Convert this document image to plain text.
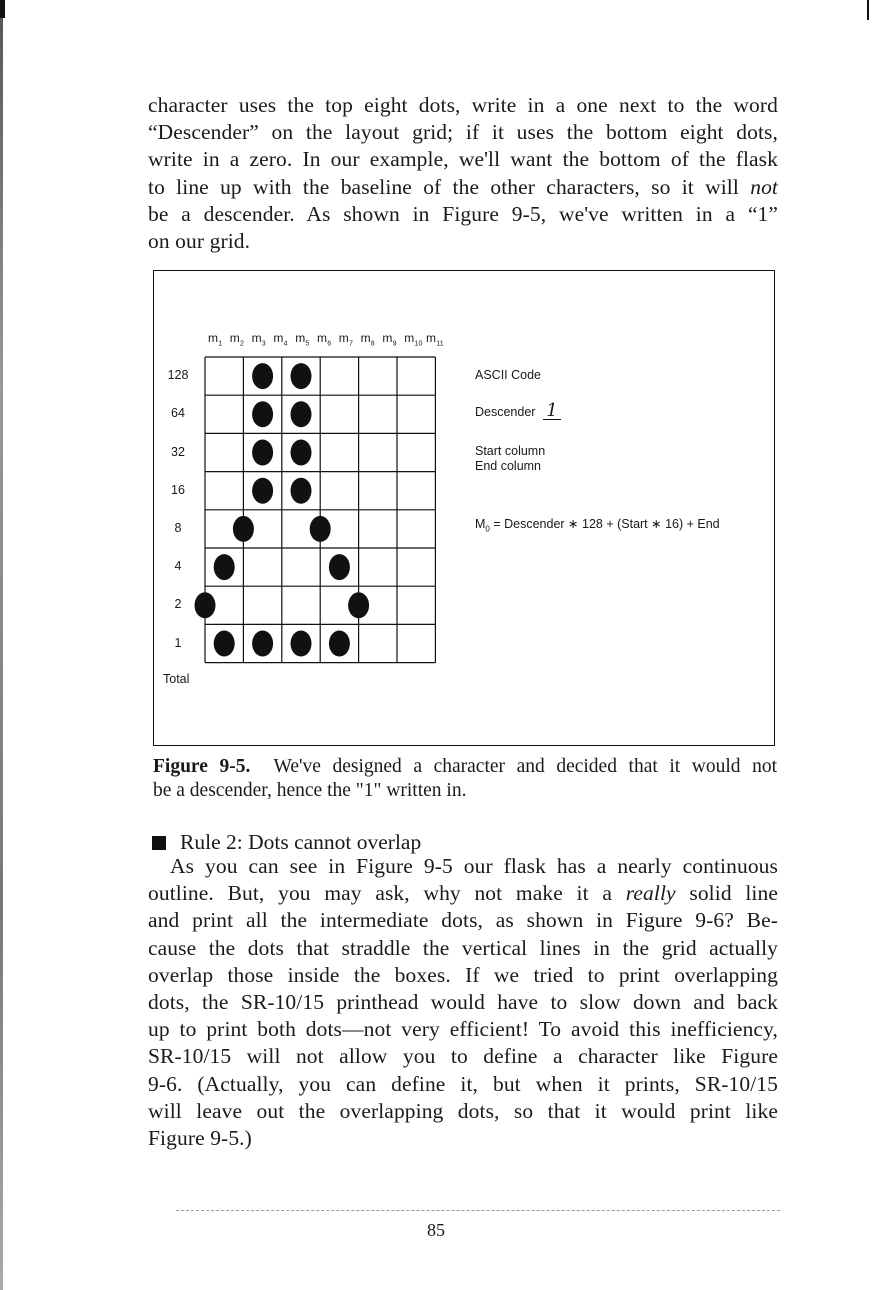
character uses the top eight dots, write in a one next to the word
“Descender” on the layout grid; if it uses the bottom eight dots,
write in a zero. In our example, we'll want the bottom of the flask
to line up with the baseline of the other characters, so it will not
be a descender. As shown in Figure 9-5, we've written in a “1”
on our grid.

$m_1$ $m_2$ $m_3$ $m_4$ $m_5$ $m_6$ $m_7$ $m_8$ $m_9$ $m_{10}$ $m_{11}$
128
64
32
16
8
4
2
1
Total
ASCII Code
Descender 1
Start column
End column
$M_0$ = Descender ∗ 128 + (Start ∗ 16) + End
Figure 9-5. We've designed a character and decided that it would not
be a descender, hence the "1" written in.
Rule 2: Dots cannot overlap

As you can see in Figure 9-5 our flask has a nearly continuous
outline. But, you may ask, why not make it a really solid line
and print all the intermediate dots, as shown in Figure 9-6? Be-
cause the dots that straddle the vertical lines in the grid actually
overlap those inside the boxes. If we tried to print overlapping
dots, the SR-10/15 printhead would have to slow down and back
up to print both dots—not very efficient! To avoid this inefficiency,
SR-10/15 will not allow you to define a character like Figure
9-6. (Actually, you can define it, but when it prints, SR-10/15
will leave out the overlapping dots, so that it would print like
Figure 9-5.)

85
